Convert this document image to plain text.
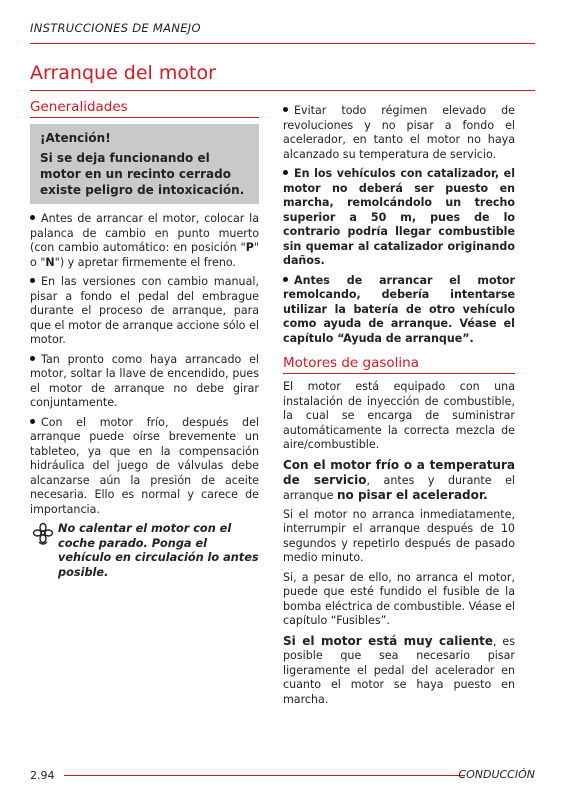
INSTRUCCIONES DE MANEJO
Arranque del motor
Generalidades
¡Atención!
Si se deja funcionando el motor en un recinto cerrado existe peligro de intoxicación.

Antes de arrancar el motor, colocar la palanca de cambio en punto muerto (con cambio automático: en posición "P" o "N") y apretar firmemente el freno.

En las versiones con cambio manual, pisar a fondo el pedal del embrague durante el proceso de arranque, para que el motor de arranque accione sólo el motor.

Tan pronto como haya arrancado el motor, soltar la llave de encendido, pues el motor de arranque no debe girar conjuntamente.

Con el motor frío, después del arranque puede oírse brevemente un tableteo, ya que en la compensación hidráulica del juego de válvulas debe alcanzarse aún la presión de aceite necesaria. Ello es normal y carece de importancia.

No calentar el motor con el coche parado. Ponga el vehículo en circulación lo antes posible.

Evitar todo régimen elevado de revoluciones y no pisar a fondo el acelerador, en tanto el motor no haya alcanzado su temperatura de servicio.

En los vehículos con catalizador, el motor no deberá ser puesto en marcha, remolcándolo un trecho superior a 50 m, pues de lo contrario podría llegar combustible sin quemar al catalizador originando daños.

Antes de arrancar el motor remolcando, debería intentarse utilizar la batería de otro vehículo como ayuda de arranque. Véase el capítulo “Ayuda de arranque”.

Motores de gasolina

El motor está equipado con una instalación de inyección de combustible, la cual se encarga de suministrar automáticamente la correcta mezcla de aire/combustible.

Con el motor frío o a temperatura de servicio, antes y durante el arranque no pisar el acelerador.

Si el motor no arranca inmediatamente, interrumpir el arranque después de 10 segundos y repetirlo después de pasado medio minuto.

Si, a pesar de ello, no arranca el motor, puede que esté fundido el fusible de la bomba eléctrica de combustible. Véase el capítulo “Fusibles”.

Si el motor está muy caliente, es posible que sea necesario pisar ligeramente el pedal del acelerador en cuanto el motor se haya puesto en marcha.

2.94	CONDUCCIÓN
